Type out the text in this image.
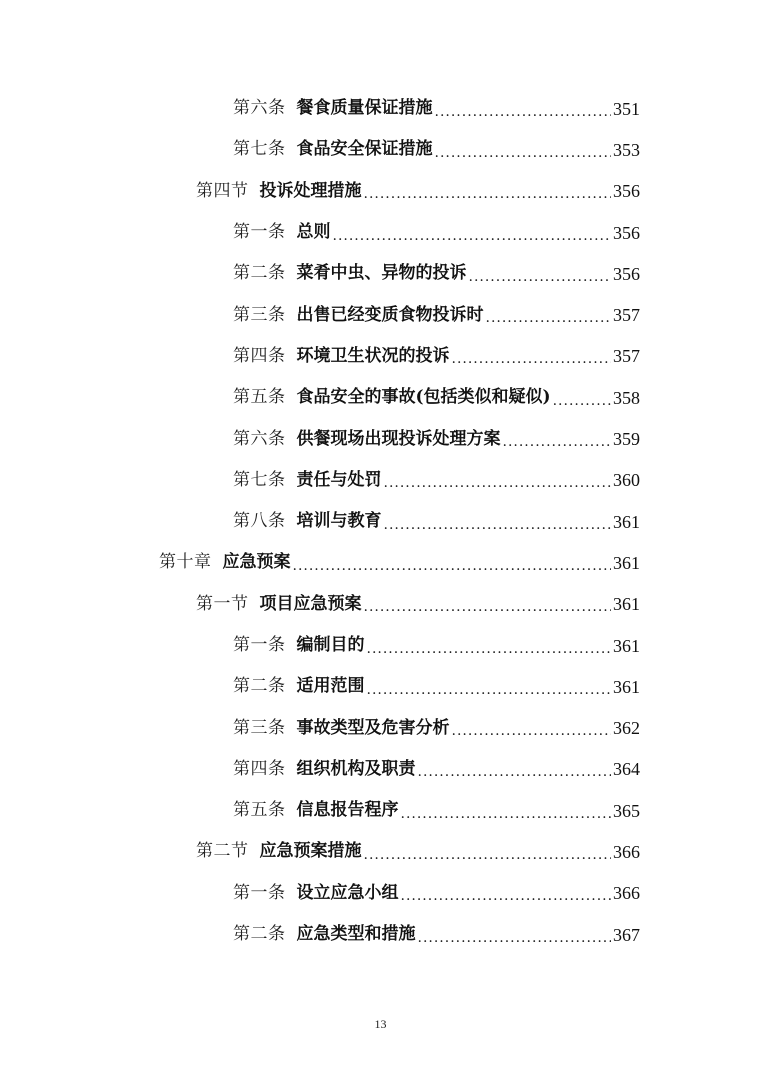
第六条 餐食质量保证措施 .....	351
第七条 食品安全保证措施 .....	353
第四节 投诉处理措施 .....	356
第一条 总则 .....	356
第二条 菜肴中虫、异物的投诉 .....	356
第三条 出售已经变质食物投诉时 .....	357
第四条 环境卫生状况的投诉 .....	357
第五条 食品安全的事故(包括类似和疑似) .....	358
第六条 供餐现场出现投诉处理方案 .....	359
第七条 责任与处罚 .....	360
第八条 培训与教育 .....	361
第十章 应急预案 .....	361
第一节 项目应急预案 .....	361
第一条 编制目的 .....	361
第二条 适用范围 .....	361
第三条 事故类型及危害分析 .....	362
第四条 组织机构及职责 .....	364
第五条 信息报告程序 .....	365
第二节 应急预案措施 .....	366
第一条 设立应急小组 .....	366
第二条 应急类型和措施 .....	367
13
